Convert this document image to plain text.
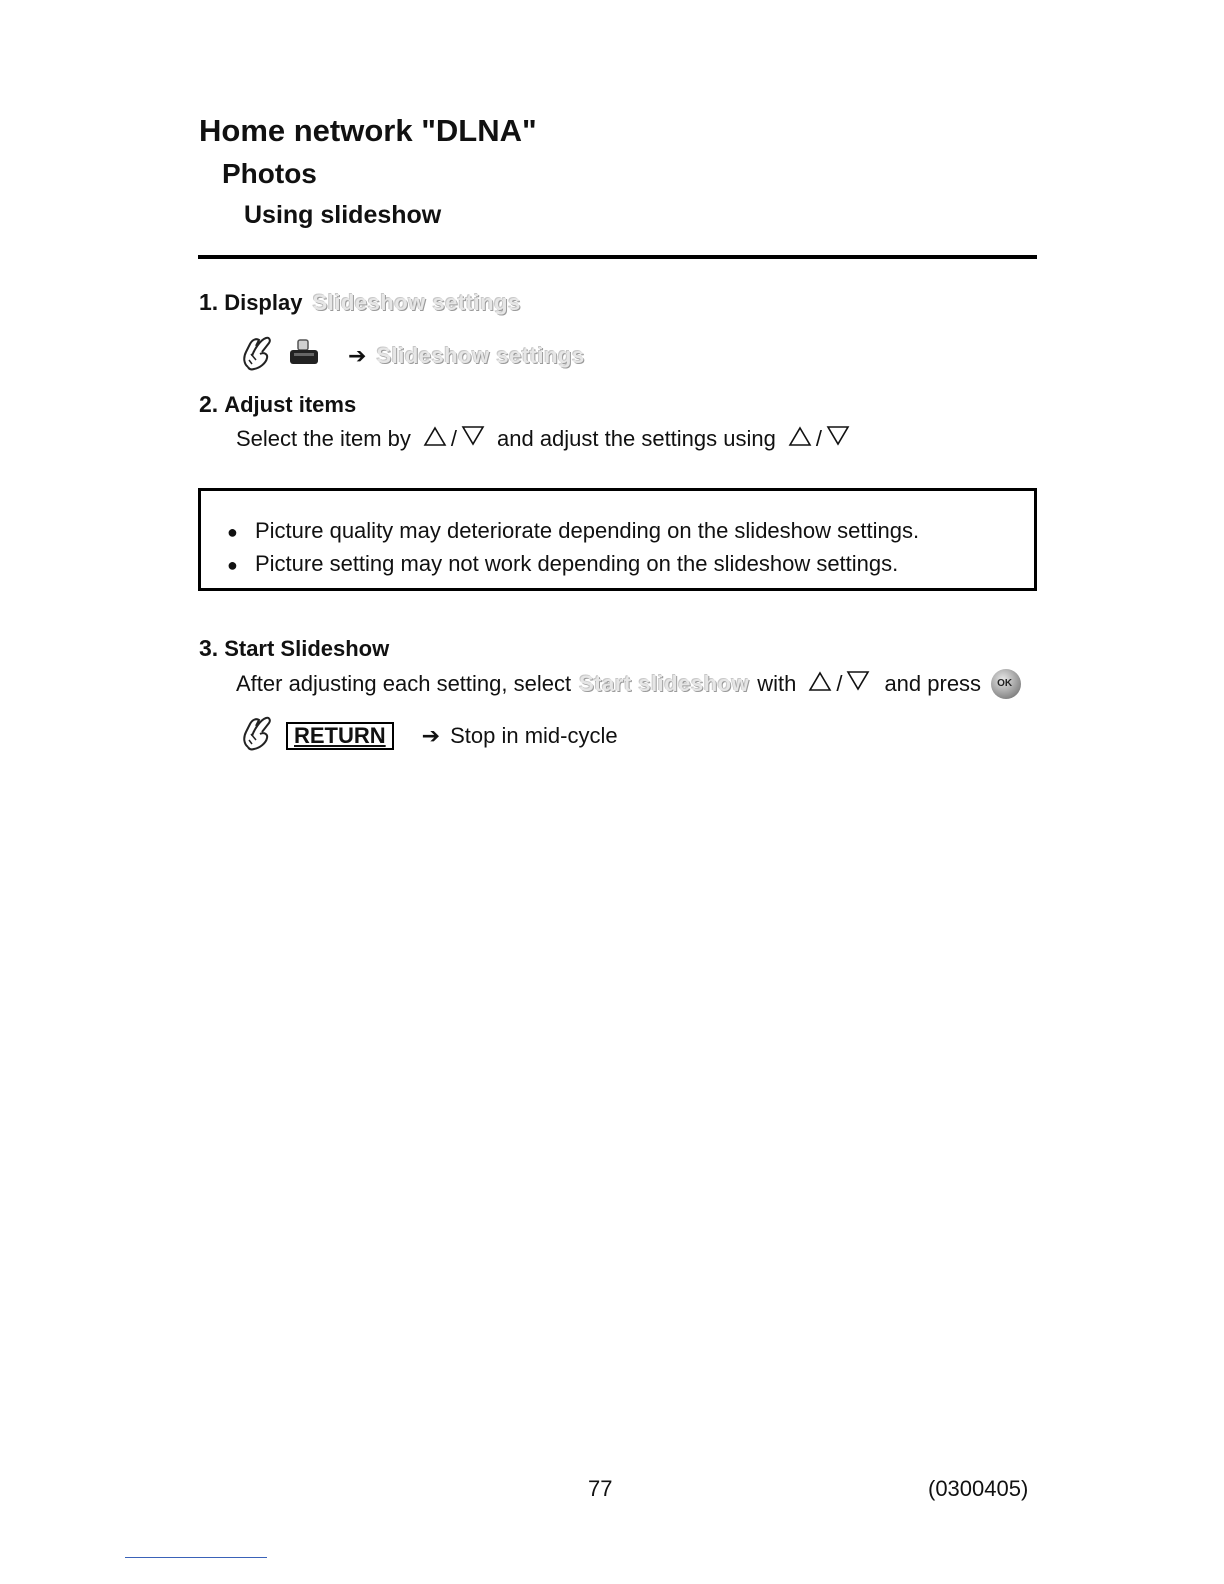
Home network "DLNA"
Photos
Using slideshow
1. Display Slideshow settings
➔ Slideshow settings
2. Adjust items
Select the item by / and adjust the settings using /
● Picture quality may deteriorate depending on the slideshow settings.
● Picture setting may not work depending on the slideshow settings.
3. Start Slideshow
After adjusting each setting, select Start slideshow with / and press OK
RETURN	➔ Stop in mid-cycle
77	(0300405)
